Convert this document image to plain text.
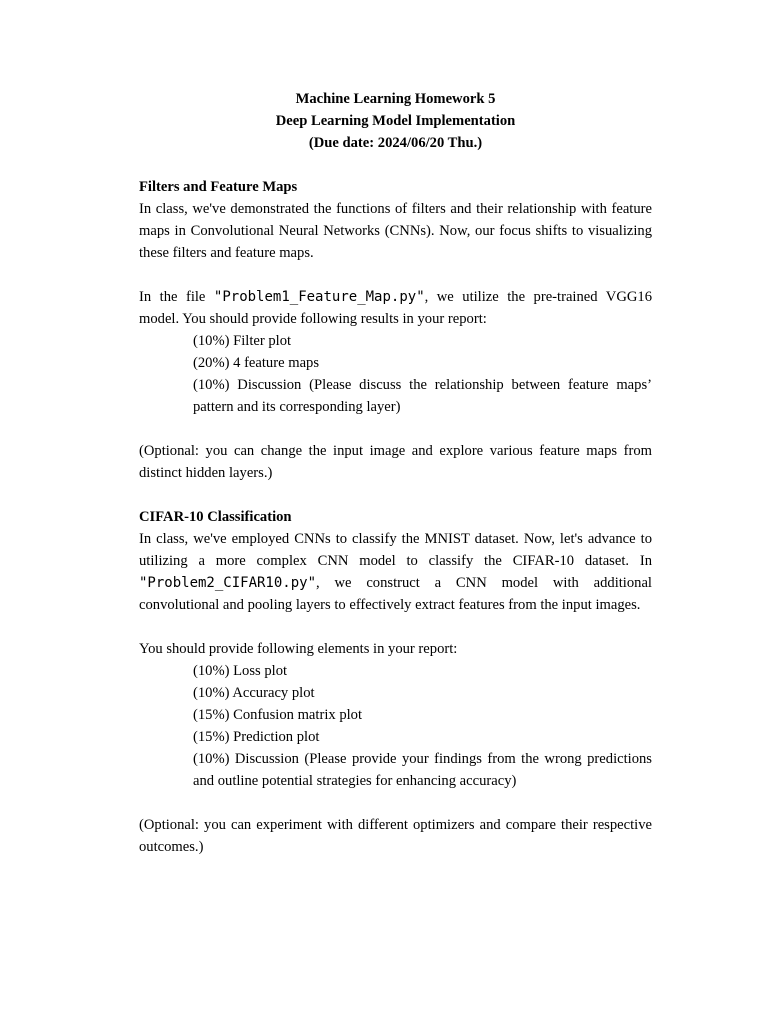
Machine Learning Homework 5
Deep Learning Model Implementation
(Due date: 2024/06/20 Thu.)
Filters and Feature Maps

In class, we've demonstrated the functions of filters and their relationship with feature maps in Convolutional Neural Networks (CNNs). Now, our focus shifts to visualizing these filters and feature maps.

In the file "Problem1_Feature_Map.py", we utilize the pre-trained VGG16 model. You should provide following results in your report:

(10%) Filter plot
(20%) 4 feature maps
(10%) Discussion (Please discuss the relationship between feature maps’ pattern and its corresponding layer)

(Optional: you can change the input image and explore various feature maps from distinct hidden layers.)

CIFAR-10 Classification

In class, we've employed CNNs to classify the MNIST dataset. Now, let's advance to utilizing a more complex CNN model to classify the CIFAR-10 dataset. In "Problem2_CIFAR10.py", we construct a CNN model with additional convolutional and pooling layers to effectively extract features from the input images.

You should provide following elements in your report:

(10%) Loss plot
(10%) Accuracy plot
(15%) Confusion matrix plot
(15%) Prediction plot
(10%) Discussion (Please provide your findings from the wrong predictions and outline potential strategies for enhancing accuracy)

(Optional: you can experiment with different optimizers and compare their respective outcomes.)
